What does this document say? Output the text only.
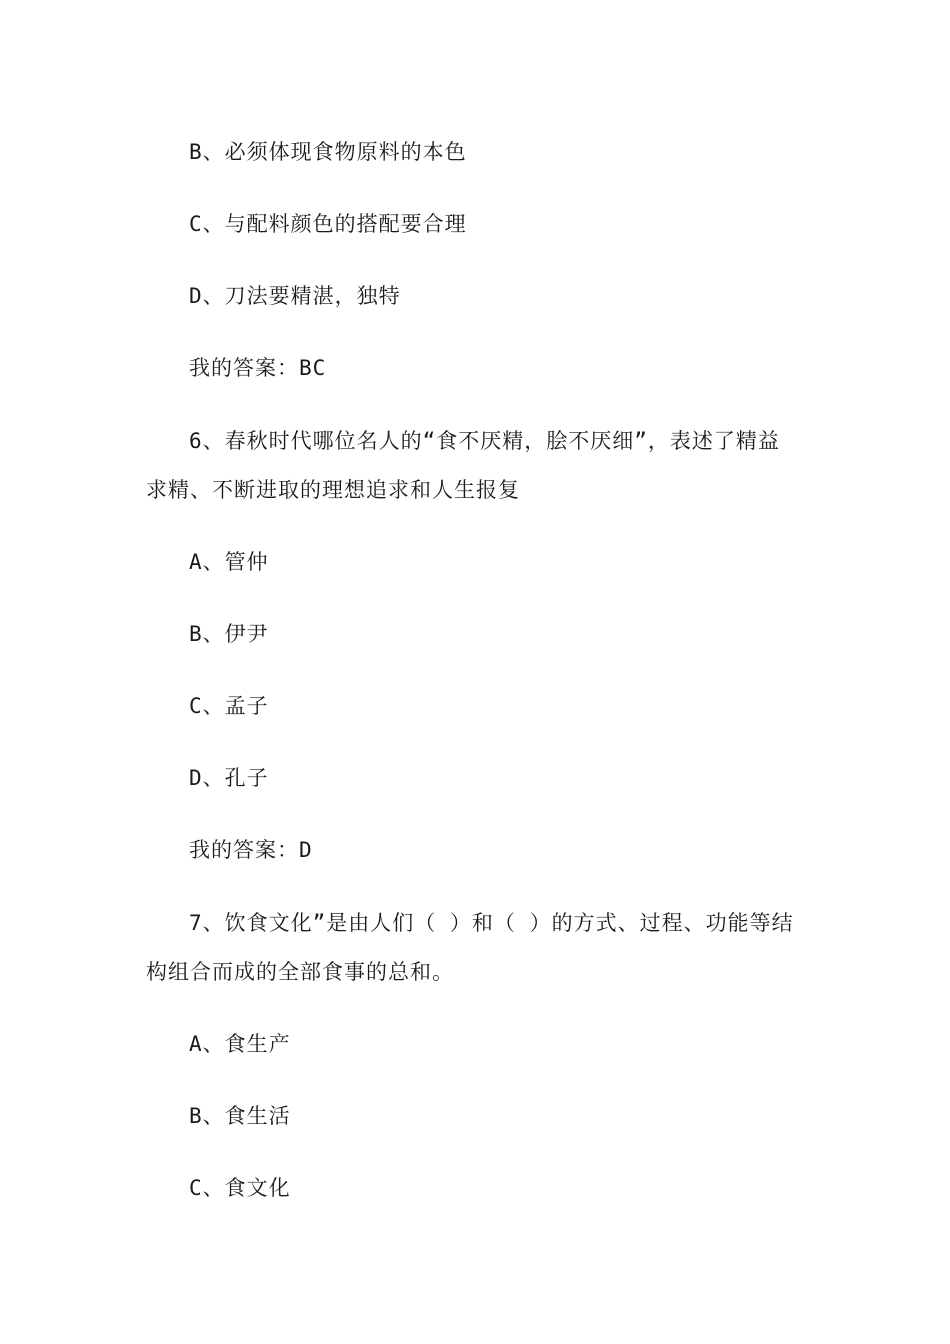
B、必须体现食物原料的本色
C、与配料颜色的搭配要合理
D、刀法要精湛，独特
我的答案：BC
6、春秋时代哪位名人的“食不厌精，脍不厌细”，表述了精益
求精、不断进取的理想追求和人生报复
A、管仲
B、伊尹
C、孟子
D、孔子
我的答案：D
7、饮食文化”是由人们（ ）和（ ）的方式、过程、功能等结
构组合而成的全部食事的总和。
A、食生产
B、食生活
C、食文化
